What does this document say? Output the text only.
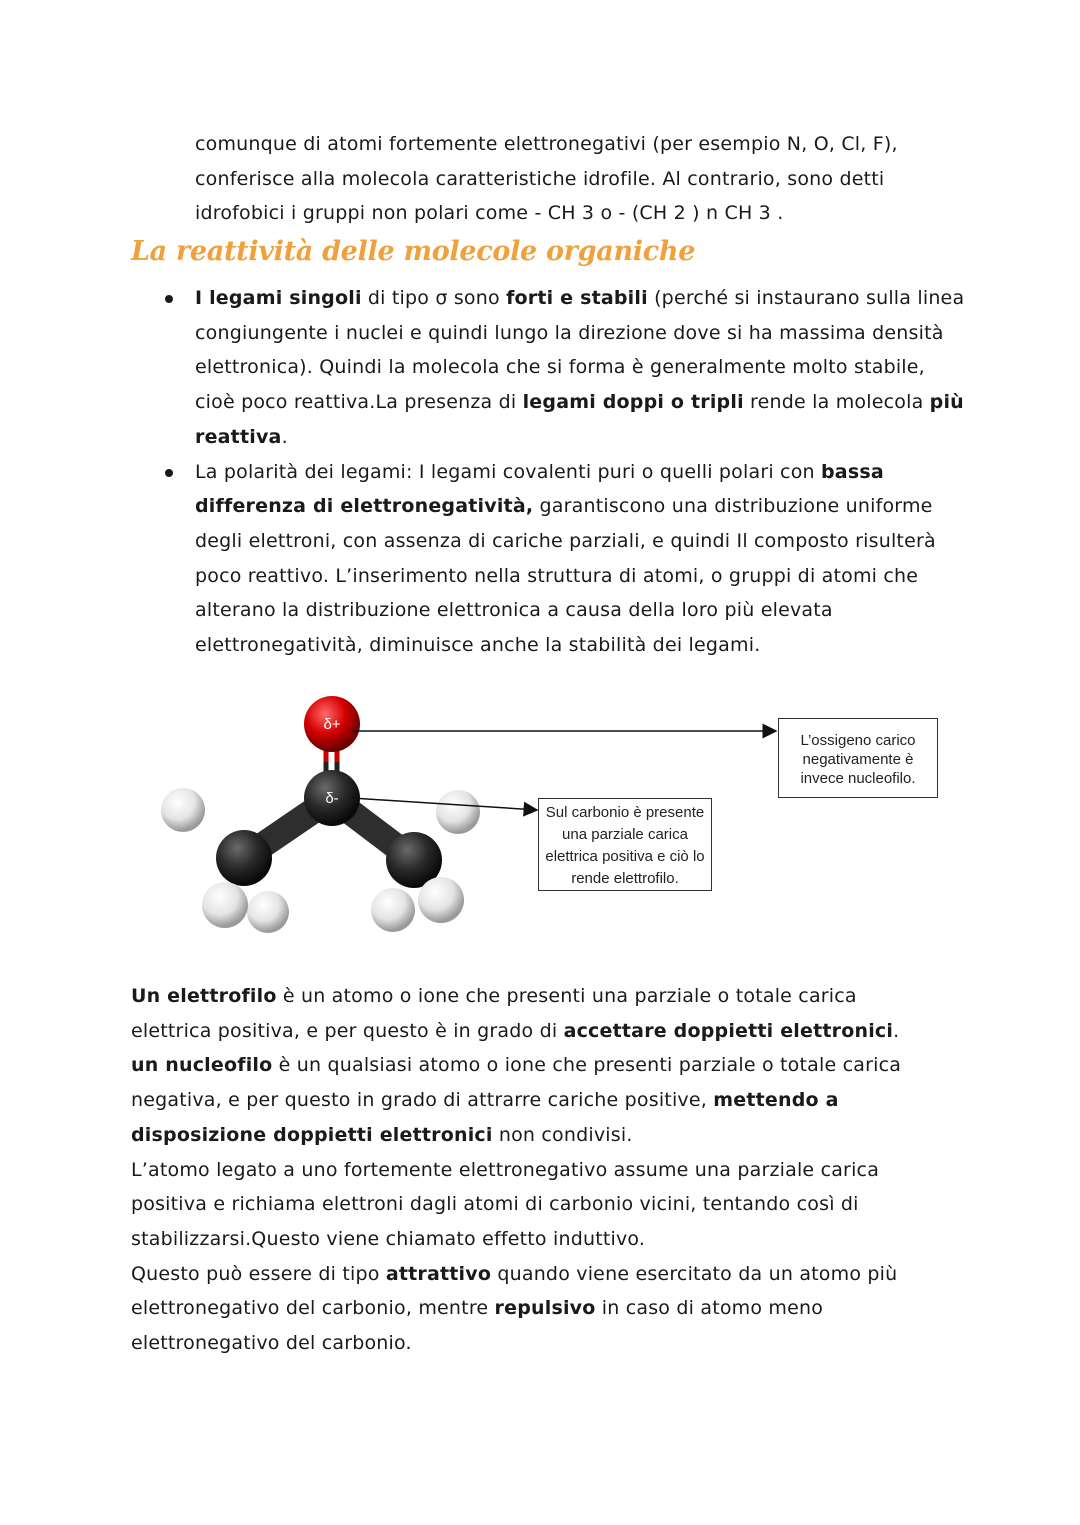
comunque di atomi fortemente elettronegativi (per esempio N, O, Cl, F),
conferisce alla molecola caratteristiche idrofile. Al contrario, sono detti
idrofobici i gruppi non polari come - CH 3 o - (CH 2 ) n CH 3 .
La reattività delle molecole organiche
I legami singoli di tipo σ sono forti e stabili (perché si instaurano sulla linea congiungente i nuclei e quindi lungo la direzione dove si ha massima densità elettronica). Quindi la molecola che si forma è generalmente molto stabile, cioè poco reattiva.La presenza di legami doppi o tripli rende la molecola più reattiva.
La polarità dei legami: I legami covalenti puri o quelli polari con bassa differenza di elettronegatività, garantiscono una distribuzione uniforme degli elettroni, con assenza di cariche parziali, e quindi Il composto risulterà poco reattivo. L’inserimento nella struttura di atomi, o gruppi di atomi che alterano la distribuzione elettronica a causa della loro più elevata elettronegatività, diminuisce anche la stabilità dei legami.
δ+
δ-
L’ossigeno carico negativamente è invece nucleofilo.
Sul carbonio è presente una parziale carica elettrica positiva e ciò lo rende elettrofilo.
Un elettrofilo è un atomo o ione che presenti una parziale o totale carica elettrica positiva, e per questo è in grado di accettare doppietti elettronici.
un nucleofilo è un qualsiasi atomo o ione che presenti parziale o totale carica negativa, e per questo in grado di attrarre cariche positive, mettendo a disposizione doppietti elettronici non condivisi.
L’atomo legato a uno fortemente elettronegativo assume una parziale carica positiva e richiama elettroni dagli atomi di carbonio vicini, tentando così di stabilizzarsi.Questo viene chiamato effetto induttivo.
Questo può essere di tipo attrattivo quando viene esercitato da un atomo più elettronegativo del carbonio, mentre repulsivo in caso di atomo meno elettronegativo del carbonio.
